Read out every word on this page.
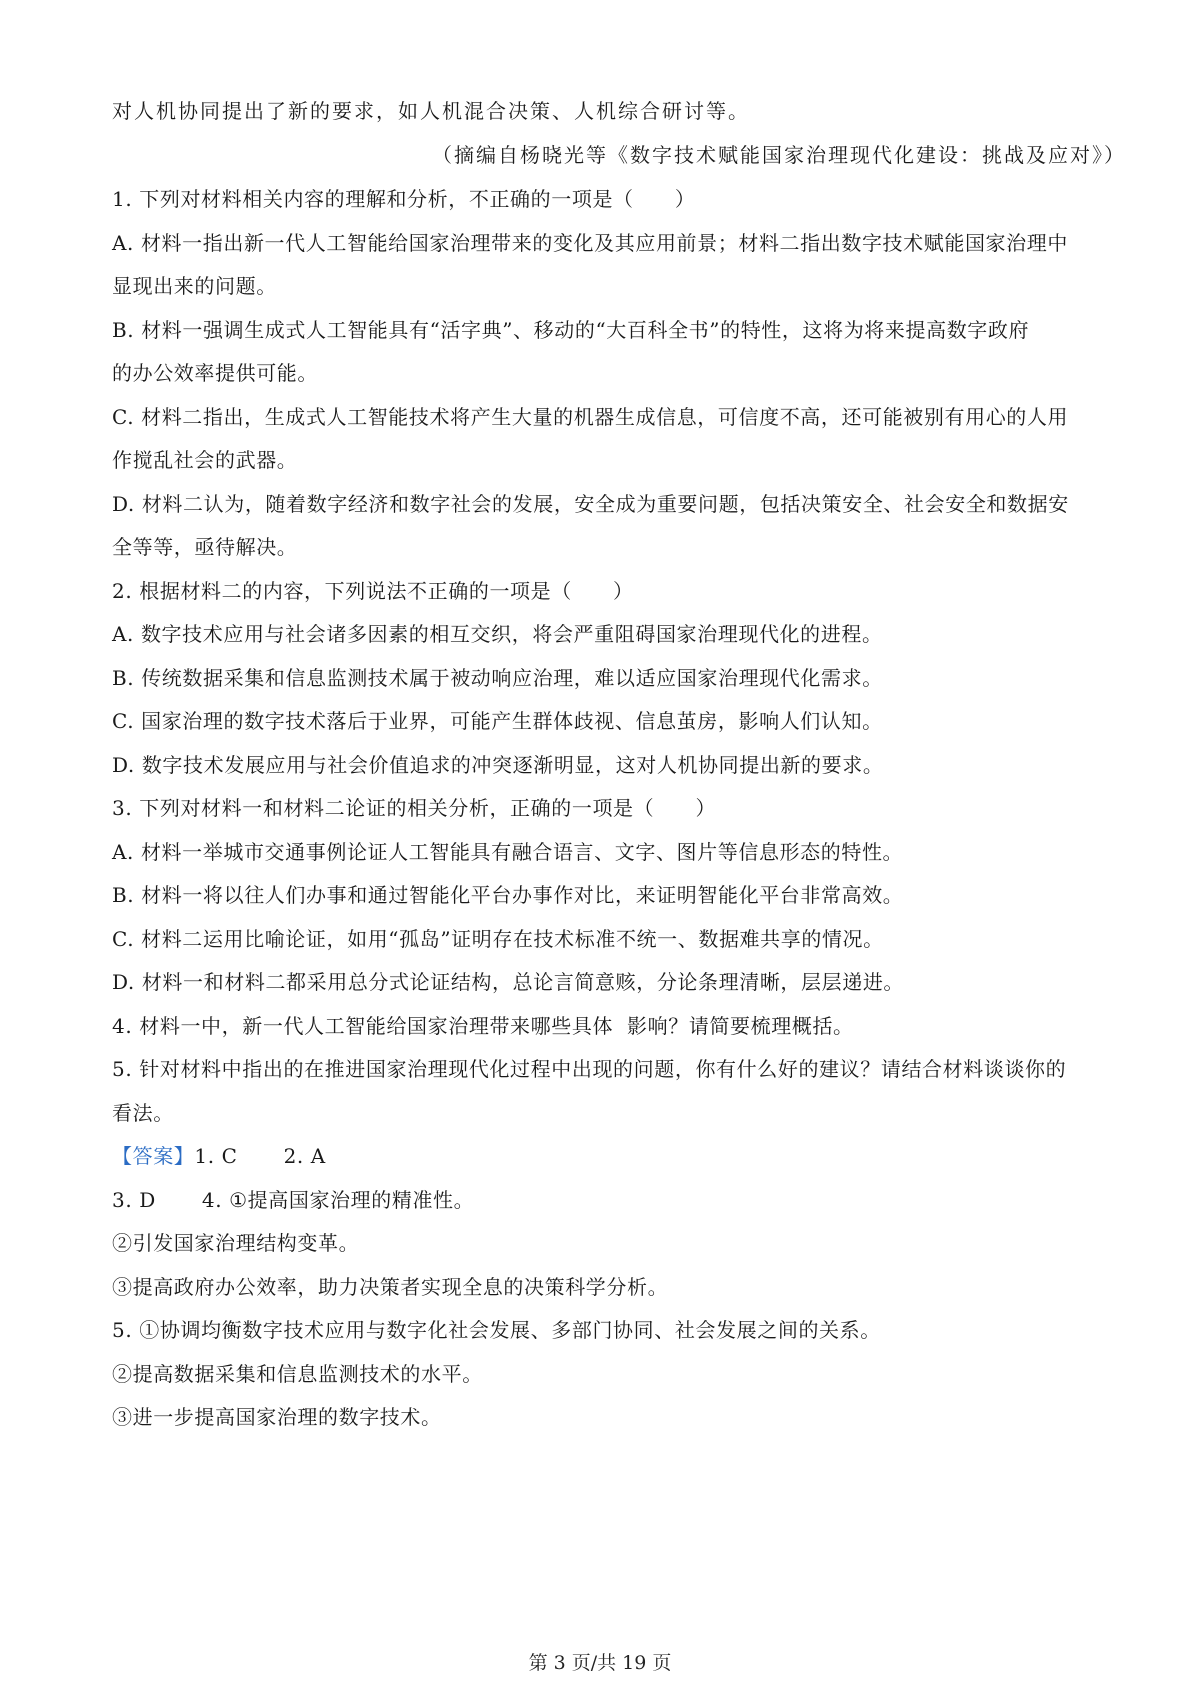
对人机协同提出了新的要求，如人机混合决策、人机综合研讨等。
（摘编自杨晓光等《数字技术赋能国家治理现代化建设：挑战及应对》）
1. 下列对材料相关内容的理解和分析，不正确的一项是（　　）
A. 材料一指出新一代人工智能给国家治理带来的变化及其应用前景；材料二指出数字技术赋能国家治理中
显现出来的问题。
B. 材料一强调生成式人工智能具有“活字典”、移动的“大百科全书”的特性，这将为将来提高数字政府
的办公效率提供可能。
C. 材料二指出，生成式人工智能技术将产生大量的机器生成信息，可信度不高，还可能被别有用心的人用
作搅乱社会的武器。
D. 材料二认为，随着数字经济和数字社会的发展，安全成为重要问题，包括决策安全、社会安全和数据安
全等等，亟待解决。
2. 根据材料二的内容，下列说法不正确的一项是（　　）
A. 数字技术应用与社会诸多因素的相互交织，将会严重阻碍国家治理现代化的进程。
B. 传统数据采集和信息监测技术属于被动响应治理，难以适应国家治理现代化需求。
C. 国家治理的数字技术落后于业界，可能产生群体歧视、信息茧房，影响人们认知。
D. 数字技术发展应用与社会价值追求的冲突逐渐明显，这对人机协同提出新的要求。
3. 下列对材料一和材料二论证的相关分析，正确的一项是（　　）
A. 材料一举城市交通事例论证人工智能具有融合语言、文字、图片等信息形态的特性。
B. 材料一将以往人们办事和通过智能化平台办事作对比，来证明智能化平台非常高效。
C. 材料二运用比喻论证，如用“孤岛”证明存在技术标准不统一、数据难共享的情况。
D. 材料一和材料二都采用总分式论证结构，总论言简意赅，分论条理清晰，层层递进。
4. 材料一中，新一代人工智能给国家治理带来哪些具体 影响？请简要梳理概括。
5. 针对材料中指出的在推进国家治理现代化过程中出现的问题，你有什么好的建议？请结合材料谈谈你的
看法。
【答案】1. C 2. A
3. D 4. ①提高国家治理的精准性。
②引发国家治理结构变革。
③提高政府办公效率，助力决策者实现全息的决策科学分析。
5. ①协调均衡数字技术应用与数字化社会发展、多部门协同、社会发展之间的关系。
②提高数据采集和信息监测技术的水平。
③进一步提高国家治理的数字技术。
第 3 页/共 19 页
